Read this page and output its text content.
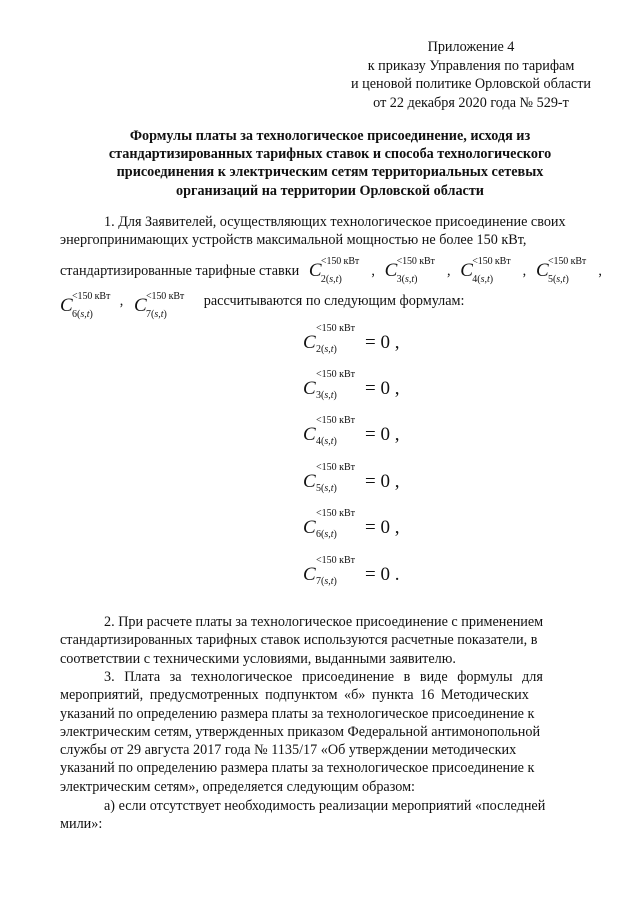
Приложение 4
к приказу Управления по тарифам
и ценовой политике Орловской области
от 22 декабря 2020 года № 529-т
Формулы платы за технологическое присоединение, исходя из
стандартизированных тарифных ставок и способа технологического
присоединения к электрическим сетям территориальных сетевых
организаций на территории Орловской области
1. Для Заявителей, осуществляющих технологическое присоединение своих
энергопринимающих устройств максимальной мощностью не более 150 кВт,
стандартизированные тарифные ставки C <150 кВт
2(s,t)
, C <150 кВт
3(s,t)
, C <150 кВт
4(s,t)
, C <150 кВт
5(s,t)
,
C <150 кВт
6(s,t)
,   C <150 кВт
7(s,t)
рассчитываются по следующим формулам:
C
<150 кВт
2(s,t) = 0 ,
C
<150 кВт
3(s,t) = 0 ,
C
<150 кВт
4(s,t) = 0 ,
C
<150 кВт
5(s,t) = 0 ,
C
<150 кВт
6(s,t) = 0 ,
C
<150 кВт
7(s,t) = 0 .
2. При расчете платы за технологическое присоединение с применением
стандартизированных тарифных ставок используются расчетные показатели, в
соответствии с техническими условиями, выданными заявителю.
3. Плата за технологическое присоединение в виде формулы для
мероприятий, предусмотренных подпунктом «б» пункта 16 Методических
указаний по определению размера платы за технологическое присоединение к
электрическим сетям, утвержденных приказом Федеральной антимонопольной
службы от 29 августа 2017 года № 1135/17 «Об утверждении методических
указаний по определению размера платы за технологическое присоединение к
электрическим сетям», определяется следующим образом:
а) если отсутствует необходимость реализации мероприятий «последней
мили»:
